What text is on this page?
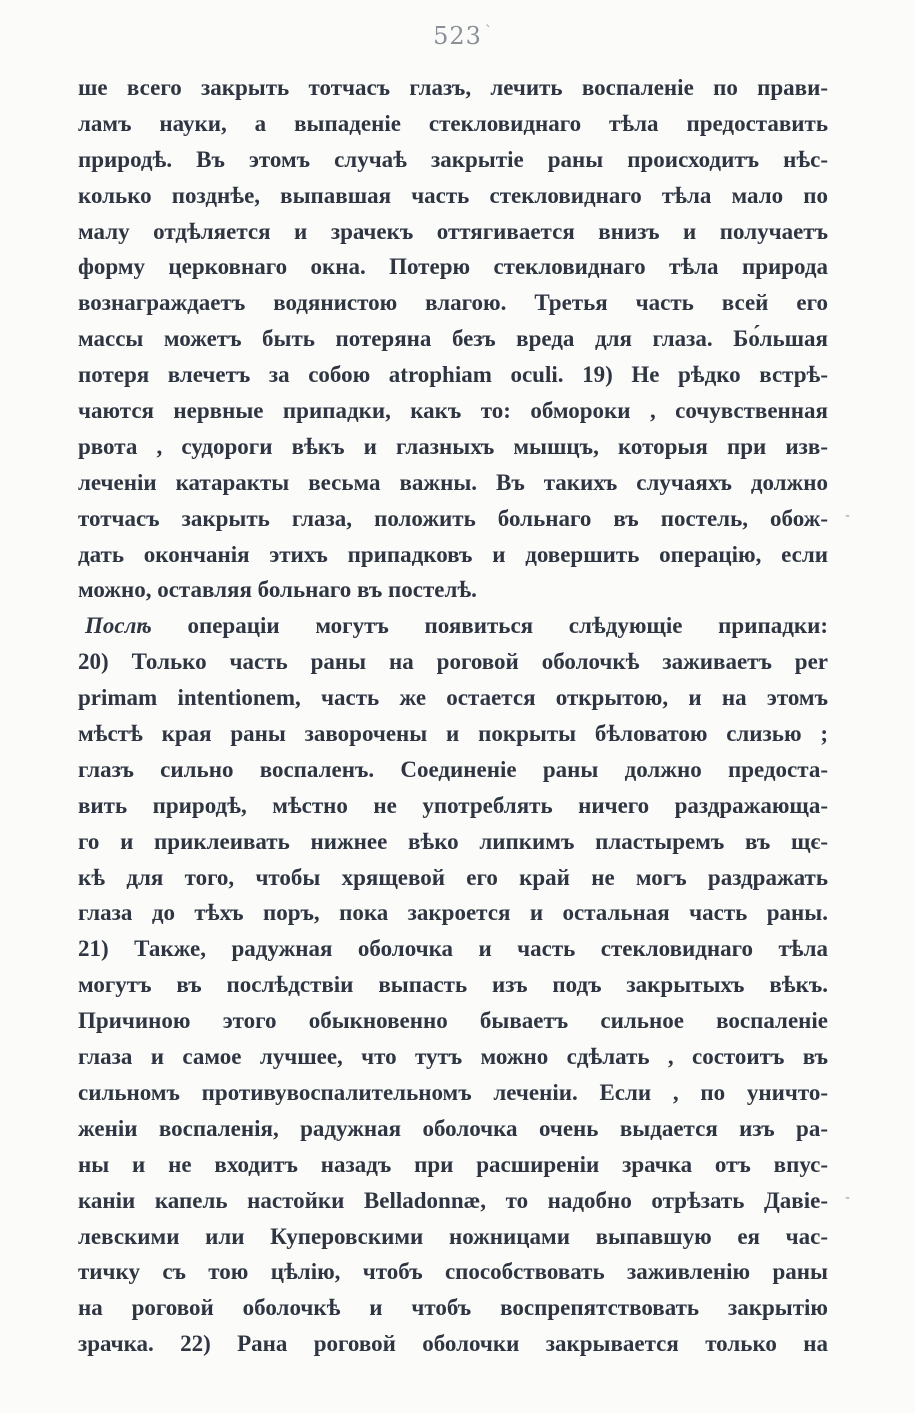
523 ˋ
-
-
ше всего закрыть тотчасъ глазъ, лечить воспаленіе по прави-
ламъ науки, а выпаденіе стекловиднаго тѣла предоставить
природѣ. Въ этомъ случаѣ закрытіе раны происходитъ нѣс-
колько позднѣе, выпавшая часть стекловиднаго тѣла мало по
малу отдѣляется и зрачекъ оттягивается внизъ и получаетъ
форму церковнаго окна. Потерю стекловиднаго тѣла природа
вознаграждаетъ водянистою влагою. Третья часть всей его
массы можетъ быть потеряна безъ вреда для глаза. Бо́льшая
потеря влечетъ за собою atrophiam oculi. 19) Не рѣдко встрѣ-
чаются нервные припадки, какъ то: обмороки , сочувственная
рвота , судороги вѣкъ и глазныхъ мышцъ, которыя при изв-
леченіи катаракты весьма важны. Въ такихъ случаяхъ должно
тотчасъ закрыть глаза, положить больнаго въ постель, обож-
дать окончанія этихъ припадковъ и довершить операцію, если
можно, оставляя больнаго въ постелѣ.
Послѣ операціи могутъ появиться слѣдующіе припадки:
20) Только часть раны на роговой оболочкѣ заживаетъ per
primam intentionem, часть же остается открытою, и на этомъ
мѣстѣ края раны заворочены и покрыты бѣловатою слизью ;
глазъ сильно воспаленъ. Соединеніе раны должно предоста-
вить природѣ, мѣстно не употреблять ничего раздражающа-
го и приклеивать нижнее вѣко липкимъ пластыремъ въ щє-
кѣ для того, чтобы хрящевой его край не могъ раздражать
глаза до тѣхъ поръ, пока закроется и остальная часть раны.
21) Также, радужная оболочка и часть стекловиднаго тѣла
могутъ въ послѣдствіи выпасть изъ подъ закрытыхъ вѣкъ.
Причиною этого обыкновенно бываетъ сильное воспаленіе
глаза и самое лучшее, что тутъ можно сдѣлать , состоитъ въ
сильномъ противувоспалительномъ леченіи. Если , по уничто-
женіи воспаленія, радужная оболочка очень выдается изъ ра-
ны и не входитъ назадъ при расширеніи зрачка отъ впус-
каніи капель настойки Belladonnæ, то надобно отрѣзать Давіе-
левскими или Куперовскими ножницами выпавшую ея час-
тичку съ тою цѣлію, чтобъ способствовать заживленію раны
на роговой оболочкѣ и чтобъ воспрепятствовать закрытію
зрачка. 22) Рана роговой оболочки закрывается только на
